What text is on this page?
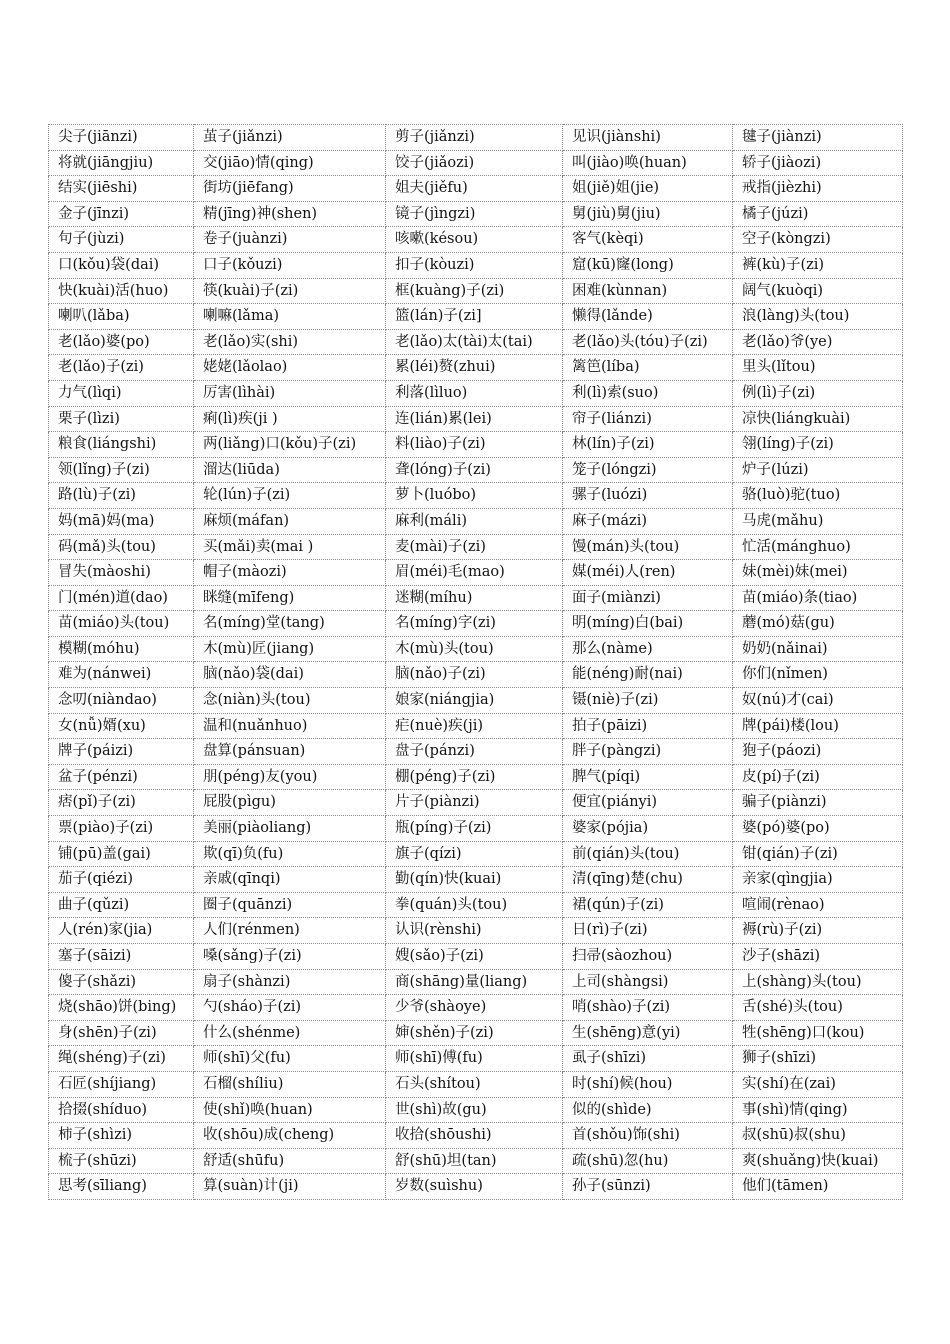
尖子(jiānzi)	茧子(jiǎnzi)	剪子(jiǎnzi)	见识(jiànshi)	毽子(jiànzi)
将就(jiāngjiu)	交(jiāo)情(qing)	饺子(jiǎozi)	叫(jiào)唤(huan)	轿子(jiàozi)
结实(jiēshi)	街坊(jiēfang)	姐夫(jiěfu)	姐(jiě)姐(jie)	戒指(jièzhi)
金子(jīnzi)	精(jīng)神(shen)	镜子(jìngzi)	舅(jiù)舅(jiu)	橘子(júzi)
句子(jùzi)	卷子(juànzi)	咳嗽(késou)	客气(kèqi)	空子(kòngzi)
口(kǒu)袋(dai)	口子(kǒuzi)	扣子(kòuzi)	窟(kū)窿(long)	裤(kù)子(zi)
快(kuài)活(huo)	筷(kuài)子(zi)	框(kuàng)子(zi)	困难(kùnnan)	阔气(kuòqi)
喇叭(lǎba)	喇嘛(lǎma)	篮(lán)子(zi]	懒得(lǎnde)	浪(làng)头(tou)
老(lǎo)婆(po)	老(lǎo)实(shi)	老(lǎo)太(tài)太(tai)	老(lǎo)头(tóu)子(zi)	老(lǎo)爷(ye)
老(lǎo)子(zi)	姥姥(lǎolao)	累(léi)赘(zhui)	篱笆(líba)	里头(lǐtou)
力气(lìqi)	厉害(lìhài)	利落(lìluo)	利(lì)索(suo)	例(lì)子(zi)
栗子(lìzi)	痢(lì)疾(ji )	连(lián)累(lei)	帘子(liánzi)	凉快(liángkuài)
粮食(liángshi)	两(liǎng)口(kǒu)子(zi)	料(liào)子(zi)	林(lín)子(zi)	翎(líng)子(zi)
领(lǐng)子(zi)	溜达(liūda)	聋(lóng)子(zi)	笼子(lóngzi)	炉子(lúzi)
路(lù)子(zi)	轮(lún)子(zi)	萝卜(luóbo)	骡子(luózi)	骆(luò)驼(tuo)
妈(mā)妈(ma)	麻烦(máfan)	麻利(máli)	麻子(mázi)	马虎(mǎhu)
码(mǎ)头(tou)	买(mǎi)卖(mai )	麦(mài)子(zi)	馒(mán)头(tou)	忙活(mánghuo)
冒失(màoshi)	帽子(màozi)	眉(méi)毛(mao)	媒(méi)人(ren)	妹(mèi)妹(mei)
门(mén)道(dao)	眯缝(mīfeng)	迷糊(míhu)	面子(miànzi)	苗(miáo)条(tiao)
苗(miáo)头(tou)	名(míng)堂(tang)	名(míng)字(zi)	明(míng)白(bai)	蘑(mó)菇(gu)
模糊(móhu)	木(mù)匠(jiang)	木(mù)头(tou)	那么(nàme)	奶奶(nǎinai)
难为(nánwei)	脑(nǎo)袋(dai)	脑(nǎo)子(zi)	能(néng)耐(nai)	你们(nǐmen)
念叨(niàndao)	念(niàn)头(tou)	娘家(niángjia)	镊(niè)子(zi)	奴(nú)才(cai)
女(nǚ)婿(xu)	温和(nuǎnhuo)	疟(nuè)疾(ji)	拍子(pāizi)	牌(pái)楼(lou)
牌子(páizi)	盘算(pánsuan)	盘子(pánzi)	胖子(pàngzi)	狍子(páozi)
盆子(pénzi)	朋(péng)友(you)	棚(péng)子(zi)	脾气(píqi)	皮(pí)子(zi)
痞(pǐ)子(zi)	屁股(pìgu)	片子(piànzi)	便宜(piányi)	骗子(piànzi)
票(piào)子(zi)	美丽(piàoliang)	瓶(píng)子(zi)	婆家(pójia)	婆(pó)婆(po)
铺(pū)盖(gai)	欺(qī)负(fu)	旗子(qízi)	前(qián)头(tou)	钳(qián)子(zi)
茄子(qiézi)	亲戚(qīnqi)	勤(qín)快(kuai)	清(qīng)楚(chu)	亲家(qìngjia)
曲子(qǔzi)	圈子(quānzi)	拳(quán)头(tou)	裙(qún)子(zi)	喧闹(rènao)
人(rén)家(jia)	人们(rénmen)	认识(rènshi)	日(rì)子(zi)	褥(rù)子(zi)
塞子(sāizi)	嗓(sǎng)子(zi)	嫂(sǎo)子(zi)	扫帚(sàozhou)	沙子(shāzi)
傻子(shǎzi)	扇子(shànzi)	商(shāng)量(liang)	上司(shàngsi)	上(shàng)头(tou)
烧(shāo)饼(bing)	勺(sháo)子(zi)	少爷(shàoye)	哨(shào)子(zi)	舌(shé)头(tou)
身(shēn)子(zi)	什么(shénme)	婶(shěn)子(zi)	生(shēng)意(yi)	牲(shēng)口(kou)
绳(shéng)子(zi)	师(shī)父(fu)	师(shī)傅(fu)	虱子(shīzi)	狮子(shīzi)
石匠(shíjiang)	石榴(shíliu)	石头(shítou)	时(shí)候(hou)	实(shí)在(zai)
拾掇(shíduo)	使(shǐ)唤(huan)	世(shì)故(gu)	似的(shìde)	事(shì)情(qing)
柿子(shìzi)	收(shōu)成(cheng)	收拾(shōushi)	首(shǒu)饰(shi)	叔(shū)叔(shu)
梳子(shūzi)	舒适(shūfu)	舒(shū)坦(tan)	疏(shū)忽(hu)	爽(shuǎng)快(kuai)
思考(sīliang)	算(suàn)计(ji)	岁数(suìshu)	孙子(sūnzi)	他们(tāmen)
